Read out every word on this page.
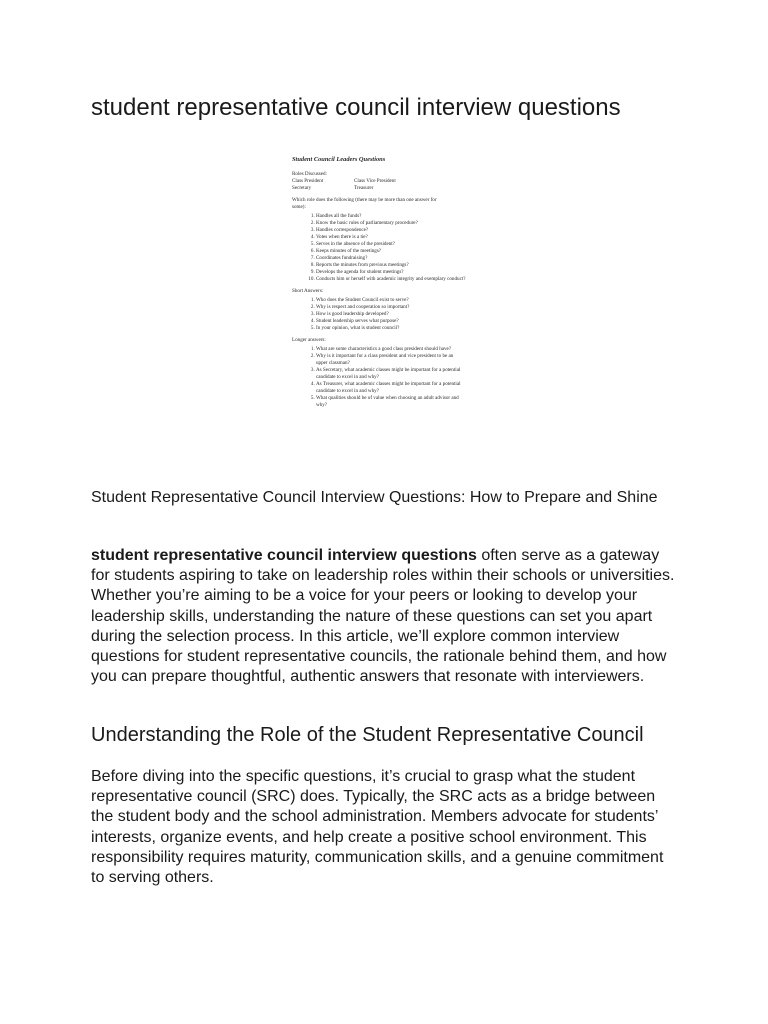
student representative council interview questions
Student Council Leaders Questions
Roles Discussed:
Class President	Class Vice President
Secretary	Treasurer
Which role does the following (there may be more than one answer for
some):
1. Handles all the funds?
2. Know the basic rules of parliamentary procedure?
3. Handles correspondence?
4. Votes when there is a tie?
5. Serves in the absence of the president?
6. Keeps minutes of the meetings?
7. Coordinates fundraising?
8. Reports the minutes from previous meetings?
9. Develops the agenda for student meetings?
10. Conducts him or herself with academic integrity and exemplary conduct?
Short Answers:
1. Who does the Student Council exist to serve?
2. Why is respect and cooperation so important?
3. How is good leadership developed?
4. Student leadership serves what purpose?
5. In your opinion, what is student council?
Longer answers:
1. What are some characteristics a good class president should have?
2. Why is it important for a class president and vice president to be an upper classman?
3. As Secretary, what academic classes might be important for a potential candidate to excel in and why?
4. As Treasurer, what academic classes might be important for a potential candidate to excel in and why?
5. What qualities should be of value when choosing an adult advisor and why?
Student Representative Council Interview Questions: How to Prepare and Shine

student representative council interview questions often serve as a gateway for students aspiring to take on leadership roles within their schools or universities. Whether you’re aiming to be a voice for your peers or looking to develop your leadership skills, understanding the nature of these questions can set you apart during the selection process. In this article, we’ll explore common interview questions for student representative councils, the rationale behind them, and how you can prepare thoughtful, authentic answers that resonate with interviewers.

Understanding the Role of the Student Representative Council

Before diving into the specific questions, it’s crucial to grasp what the student representative council (SRC) does. Typically, the SRC acts as a bridge between the student body and the school administration. Members advocate for students’ interests, organize events, and help create a positive school environment. This responsibility requires maturity, communication skills, and a genuine commitment to serving others.
